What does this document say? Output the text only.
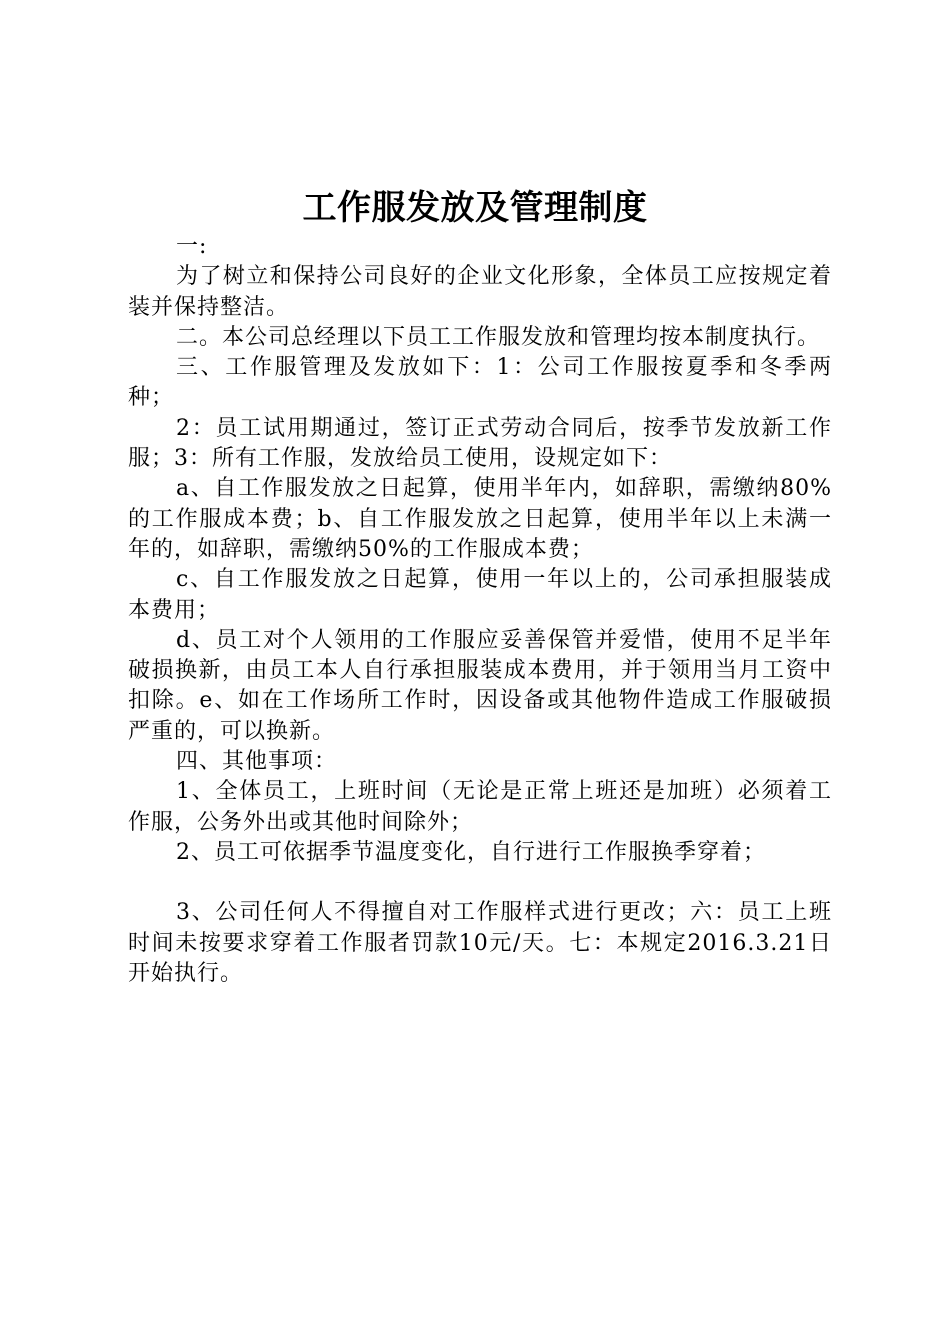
工作服发放及管理制度

一:

为了树立和保持公司良好的企业文化形象，全体员工应按规定着装并保持整洁。

二。本公司总经理以下员工工作服发放和管理均按本制度执行。

三、工作服管理及发放如下：1：公司工作服按夏季和冬季两种；

2：员工试用期通过，签订正式劳动合同后，按季节发放新工作服；3：所有工作服，发放给员工使用，设规定如下：

a、自工作服发放之日起算，使用半年内，如辞职，需缴纳80%的工作服成本费；b、自工作服发放之日起算，使用半年以上未满一年的，如辞职，需缴纳50%的工作服成本费；

c、自工作服发放之日起算，使用一年以上的，公司承担服装成本费用；

d、员工对个人领用的工作服应妥善保管并爱惜，使用不足半年破损换新，由员工本人自行承担服装成本费用，并于领用当月工资中扣除。e、如在工作场所工作时，因设备或其他物件造成工作服破损严重的，可以换新。

四、其他事项：

1、全体员工，上班时间（无论是正常上班还是加班）必须着工作服，公务外出或其他时间除外；

2、员工可依据季节温度变化，自行进行工作服换季穿着；

3、公司任何人不得擅自对工作服样式进行更改；六：员工上班时间未按要求穿着工作服者罚款10元/天。七：本规定2016.3.21日开始执行。
